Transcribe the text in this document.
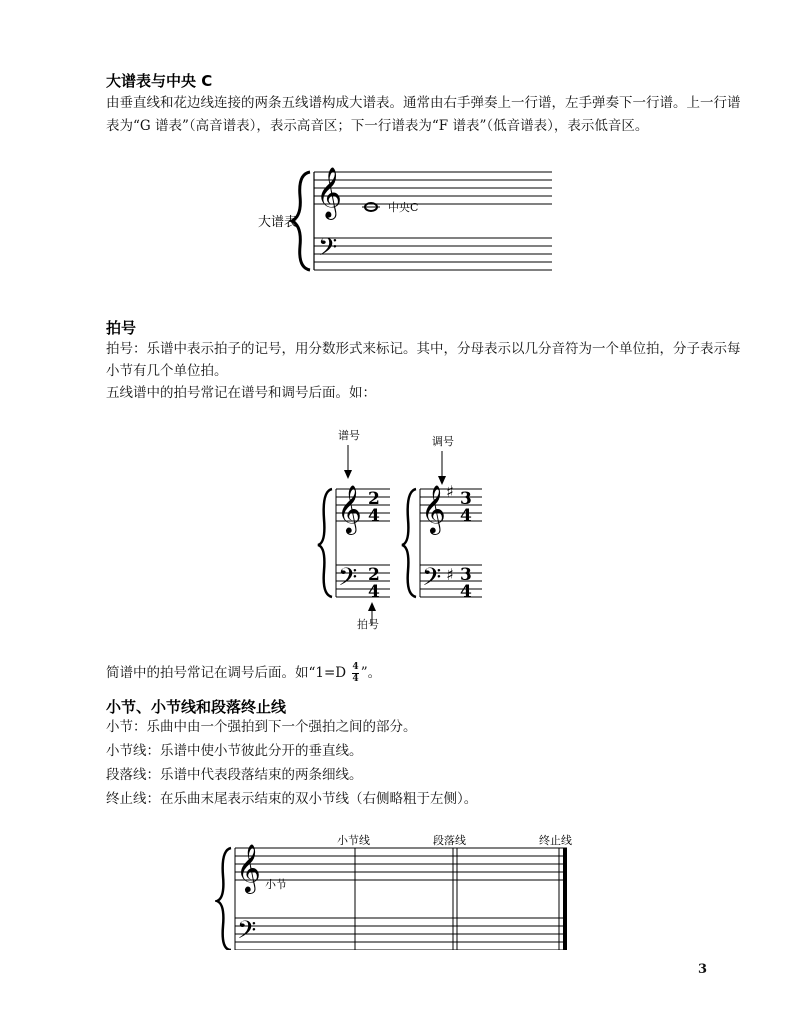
大谱表与中央 C

由垂直线和花边线连接的两条五线谱构成大谱表。通常由右手弹奏上一行谱，左手弹奏下一行谱。上一行谱

表为“G 谱表”（高音谱表），表示高音区；下一行谱表为“F 谱表”（低音谱表），表示低音区。

大谱表
𝄞	中央C
𝄢
拍号

拍号：乐谱中表示拍子的记号，用分数形式来标记。其中，分母表示以几分音符为一个单位拍，分子表示每

小节有几个单位拍。

五线谱中的拍号常记在谱号和调号后面。如：

谱号	调号
𝄞 2
4
𝄢 2
4
𝄞 ♯ 3
4
𝄢 ♯ 3
4
拍号

简谱中的拍号常记在调号后面。如“$1=D \frac{4}{4}$ ”。

小节、小节线和段落终止线

小节：乐曲中由一个强拍到下一个强拍之间的部分。

小节线：乐谱中使小节彼此分开的垂直线。

段落线：乐谱中代表段落结束的两条细线。

终止线：在乐曲末尾表示结束的双小节线（右侧略粗于左侧）。

小节线	段落线	终止线
𝄞 小节
𝄢
3
